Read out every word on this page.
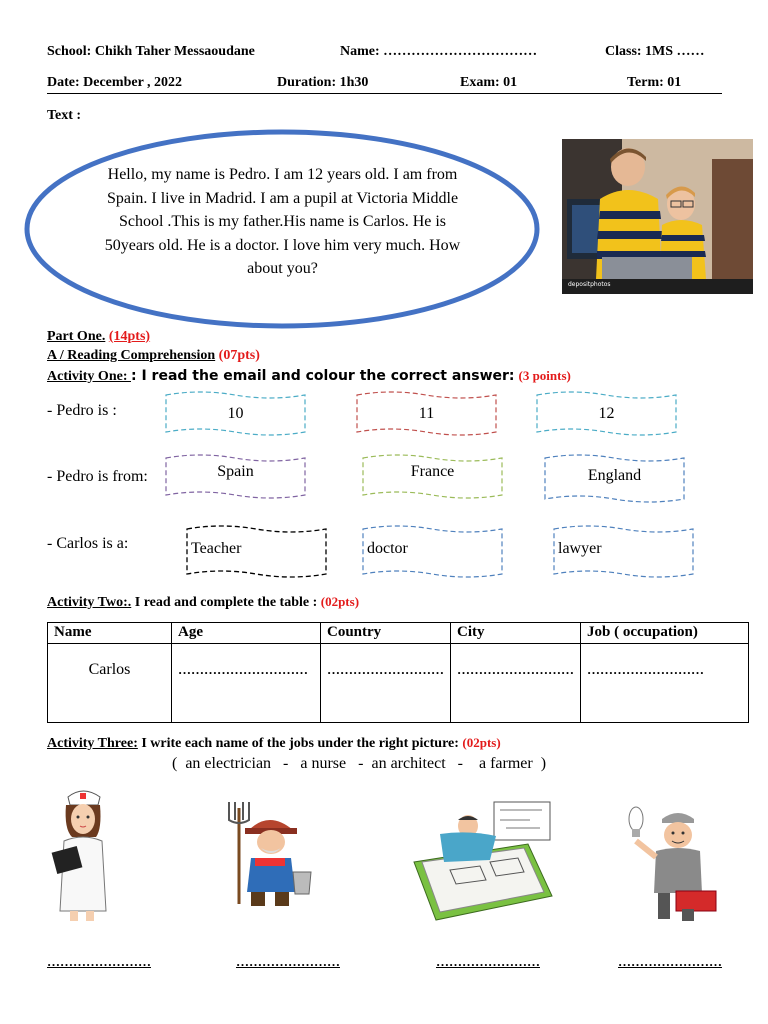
School: Chikh Taher Messaoudane	Name: ……………………………	Class: 1MS ……
Date: December , 2022	Duration: 1h30	Exam: 01	Term: 01
Text :
Hello, my name is Pedro. I am 12 years old. I am from Spain. I live in Madrid. I am a pupil at Victoria Middle School .This is my father.His name is Carlos. He is 50years old. He is a doctor. I love him very much. How about you?
depositphotos
Part One. (14pts)
A / Reading Comprehension (07pts)
Activity One: : I read the email and colour the correct answer: (3 points)
- Pedro is :
- Pedro is from:
- Carlos is a:
10	11	12
Spain	France	England
Teacher	doctor	lawyer
Activity Two:. I read and complete the table : (02pts)
Name	Age	Country	City	Job ( occupation)
Carlos	…………………………	………………………	………………………	………………………
Activity Three: I write each name of the jobs under the right picture: (02pts)
(  an electrician   -   a nurse   -  an architect   -    a farmer  )
……………………	……………………	……………………	……………………
